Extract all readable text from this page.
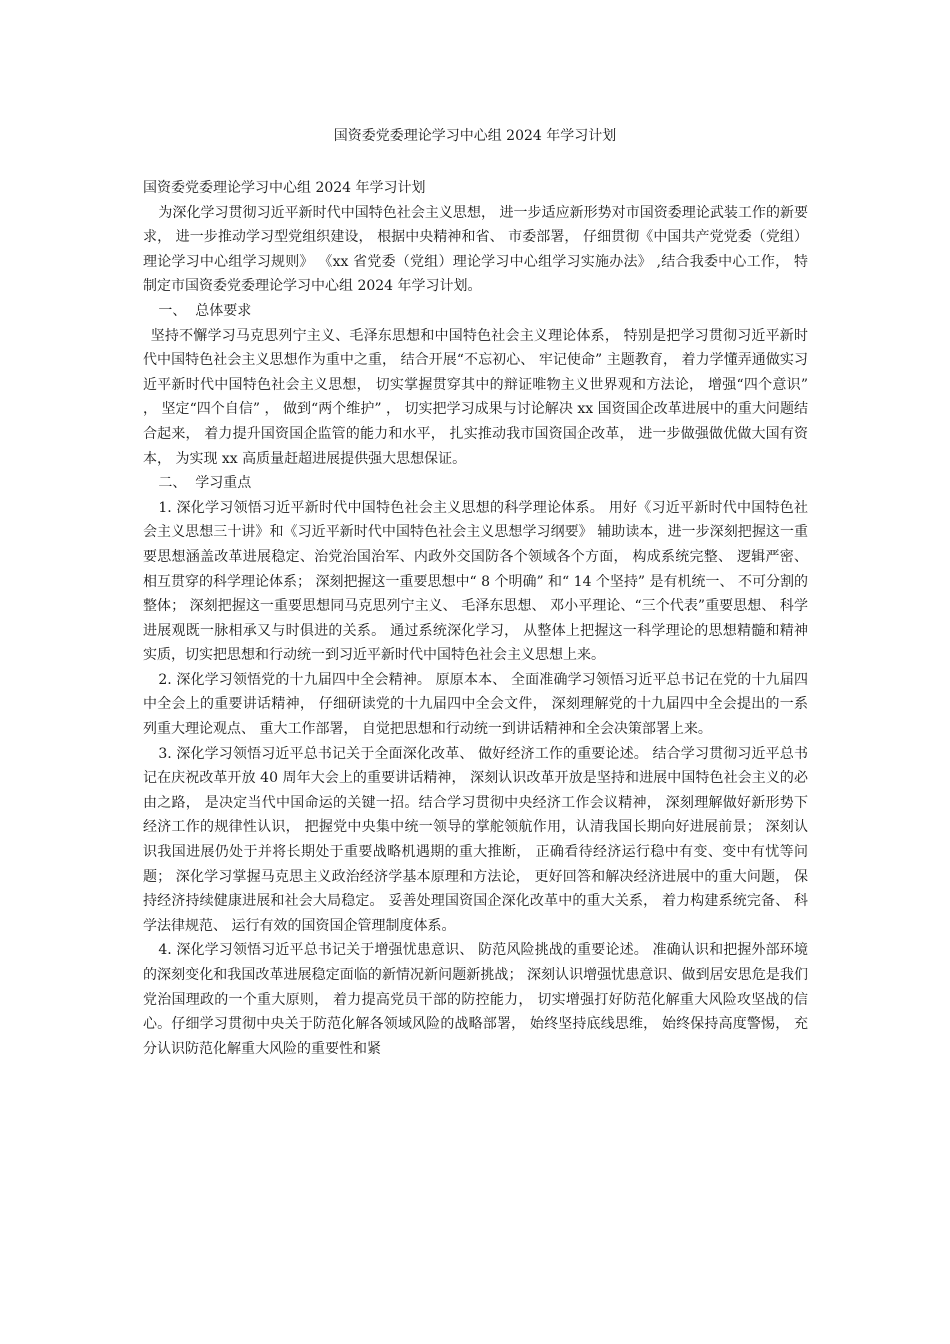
国资委党委理论学习中心组 2024 年学习计划

国资委党委理论学习中心组 2024 年学习计划

为深化学习贯彻习近平新时代中国特色社会主义思想， 进一步适应新形势对市国资委理论武装工作的新要求， 进一步推动学习型党组织建设， 根据中央精神和省、 市委部署， 仔细贯彻《中国共产党党委（党组） 理论学习中心组学习规则》 《xx 省党委（党组）理论学习中心组学习实施办法》 ,结合我委中心工作， 特制定市国资委党委理论学习中心组 2024 年学习计划。

一、  总体要求

坚持不懈学习马克思列宁主义、毛泽东思想和中国特色社会主义理论体系， 特别是把学习贯彻习近平新时代中国特色社会主义思想作为重中之重， 结合开展“不忘初心、 牢记使命” 主题教育， 着力学懂弄通做实习近平新时代中国特色社会主义思想， 切实掌握贯穿其中的辩证唯物主义世界观和方法论， 增强“四个意识” ， 坚定“四个自信” ， 做到“两个维护” ， 切实把学习成果与讨论解决 xx 国资国企改革进展中的重大问题结合起来， 着力提升国资国企监管的能力和水平， 扎实推动我市国资国企改革， 进一步做强做优做大国有资本， 为实现 xx 高质量赶超进展提供强大思想保证。

二、  学习重点

1. 深化学习领悟习近平新时代中国特色社会主义思想的科学理论体系。 用好《习近平新时代中国特色社会主义思想三十讲》和《习近平新时代中国特色社会主义思想学习纲要》 辅助读本，进一步深刻把握这一重要思想涵盖改革进展稳定、治党治国治军、内政外交国防各个领域各个方面， 构成系统完整、 逻辑严密、 相互贯穿的科学理论体系； 深刻把握这一重要思想中“ 8 个明确” 和“ 14 个坚持” 是有机统一、 不可分割的整体； 深刻把握这一重要思想同马克思列宁主义、 毛泽东思想、 邓小平理论、“三个代表”重要思想、 科学进展观既一脉相承又与时俱进的关系。 通过系统深化学习， 从整体上把握这一科学理论的思想精髓和精神实质，切实把思想和行动统一到习近平新时代中国特色社会主义思想上来。

2. 深化学习领悟党的十九届四中全会精神。 原原本本、 全面准确学习领悟习近平总书记在党的十九届四中全会上的重要讲话精神， 仔细研读党的十九届四中全会文件， 深刻理解党的十九届四中全会提出的一系列重大理论观点、 重大工作部署， 自觉把思想和行动统一到讲话精神和全会决策部署上来。

3. 深化学习领悟习近平总书记关于全面深化改革、 做好经济工作的重要论述。 结合学习贯彻习近平总书记在庆祝改革开放 40 周年大会上的重要讲话精神， 深刻认识改革开放是坚持和进展中国特色社会主义的必由之路， 是决定当代中国命运的关键一招。结合学习贯彻中央经济工作会议精神， 深刻理解做好新形势下经济工作的规律性认识， 把握党中央集中统一领导的掌舵领航作用，认清我国长期向好进展前景； 深刻认识我国进展仍处于并将长期处于重要战略机遇期的重大推断， 正确看待经济运行稳中有变、变中有忧等问题； 深化学习掌握马克思主义政治经济学基本原理和方法论， 更好回答和解决经济进展中的重大问题， 保持经济持续健康进展和社会大局稳定。 妥善处理国资国企深化改革中的重大关系， 着力构建系统完备、 科学法律规范、 运行有效的国资国企管理制度体系。

4. 深化学习领悟习近平总书记关于增强忧患意识、 防范风险挑战的重要论述。 准确认识和把握外部环境的深刻变化和我国改革进展稳定面临的新情况新问题新挑战； 深刻认识增强忧患意识、做到居安思危是我们党治国理政的一个重大原则， 着力提高党员干部的防控能力， 切实增强打好防范化解重大风险攻坚战的信心。仔细学习贯彻中央关于防范化解各领域风险的战略部署， 始终坚持底线思维， 始终保持高度警惕， 充分认识防范化解重大风险的重要性和紧
